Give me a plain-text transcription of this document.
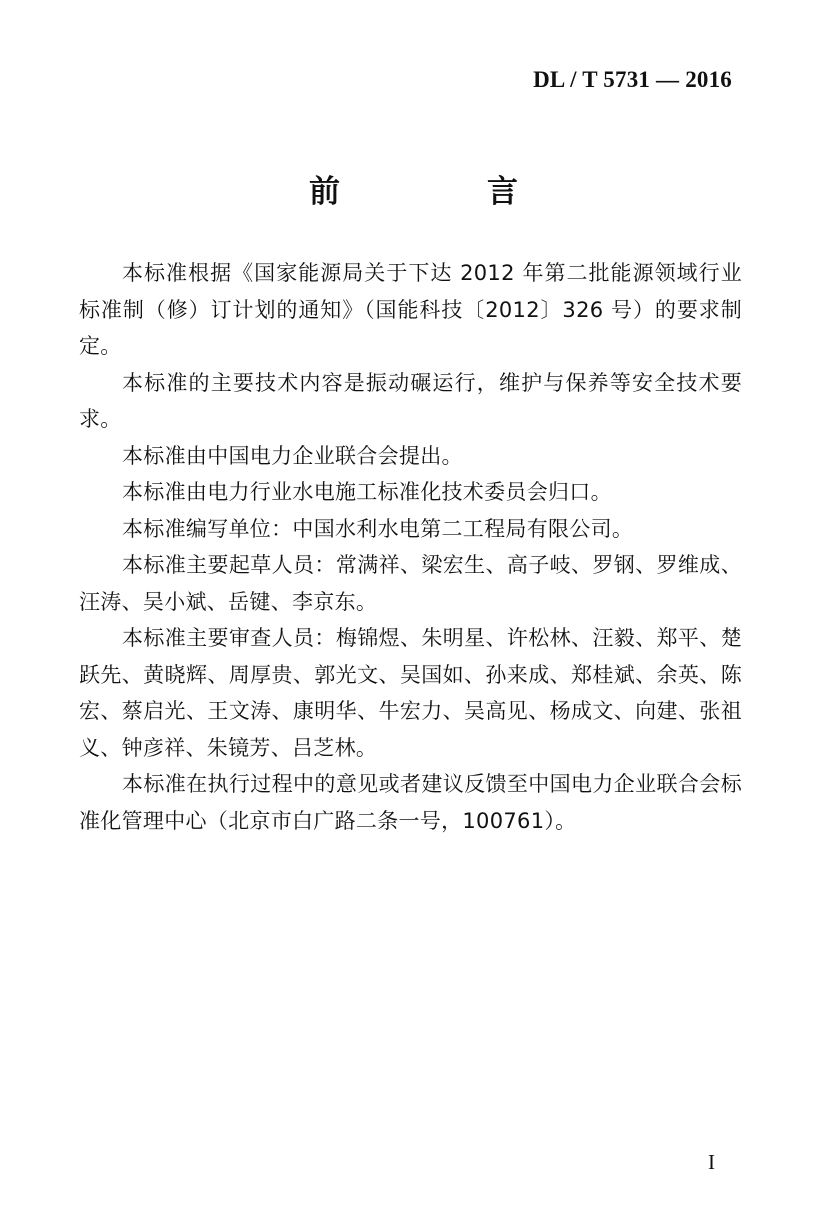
DL / T 5731 — 2016
前　言

本标准根据《国家能源局关于下达 2012 年第二批能源领域行业标准制（修）订计划的通知》（国能科技〔2012〕326 号）的要求制定。

本标准的主要技术内容是振动碾运行，维护与保养等安全技术要求。

本标准由中国电力企业联合会提出。

本标准由电力行业水电施工标准化技术委员会归口。

本标准编写单位：中国水利水电第二工程局有限公司。

本标准主要起草人员：常满祥、梁宏生、高子岐、罗钢、罗维成、汪涛、吴小斌、岳键、李京东。

本标准主要审查人员：梅锦煜、朱明星、许松林、汪毅、郑平、楚跃先、黄晓辉、周厚贵、郭光文、吴国如、孙来成、郑桂斌、余英、陈宏、蔡启光、王文涛、康明华、牛宏力、吴高见、杨成文、向建、张祖义、钟彦祥、朱镜芳、吕芝林。

本标准在执行过程中的意见或者建议反馈至中国电力企业联合会标准化管理中心（北京市白广路二条一号，100761）。

I
